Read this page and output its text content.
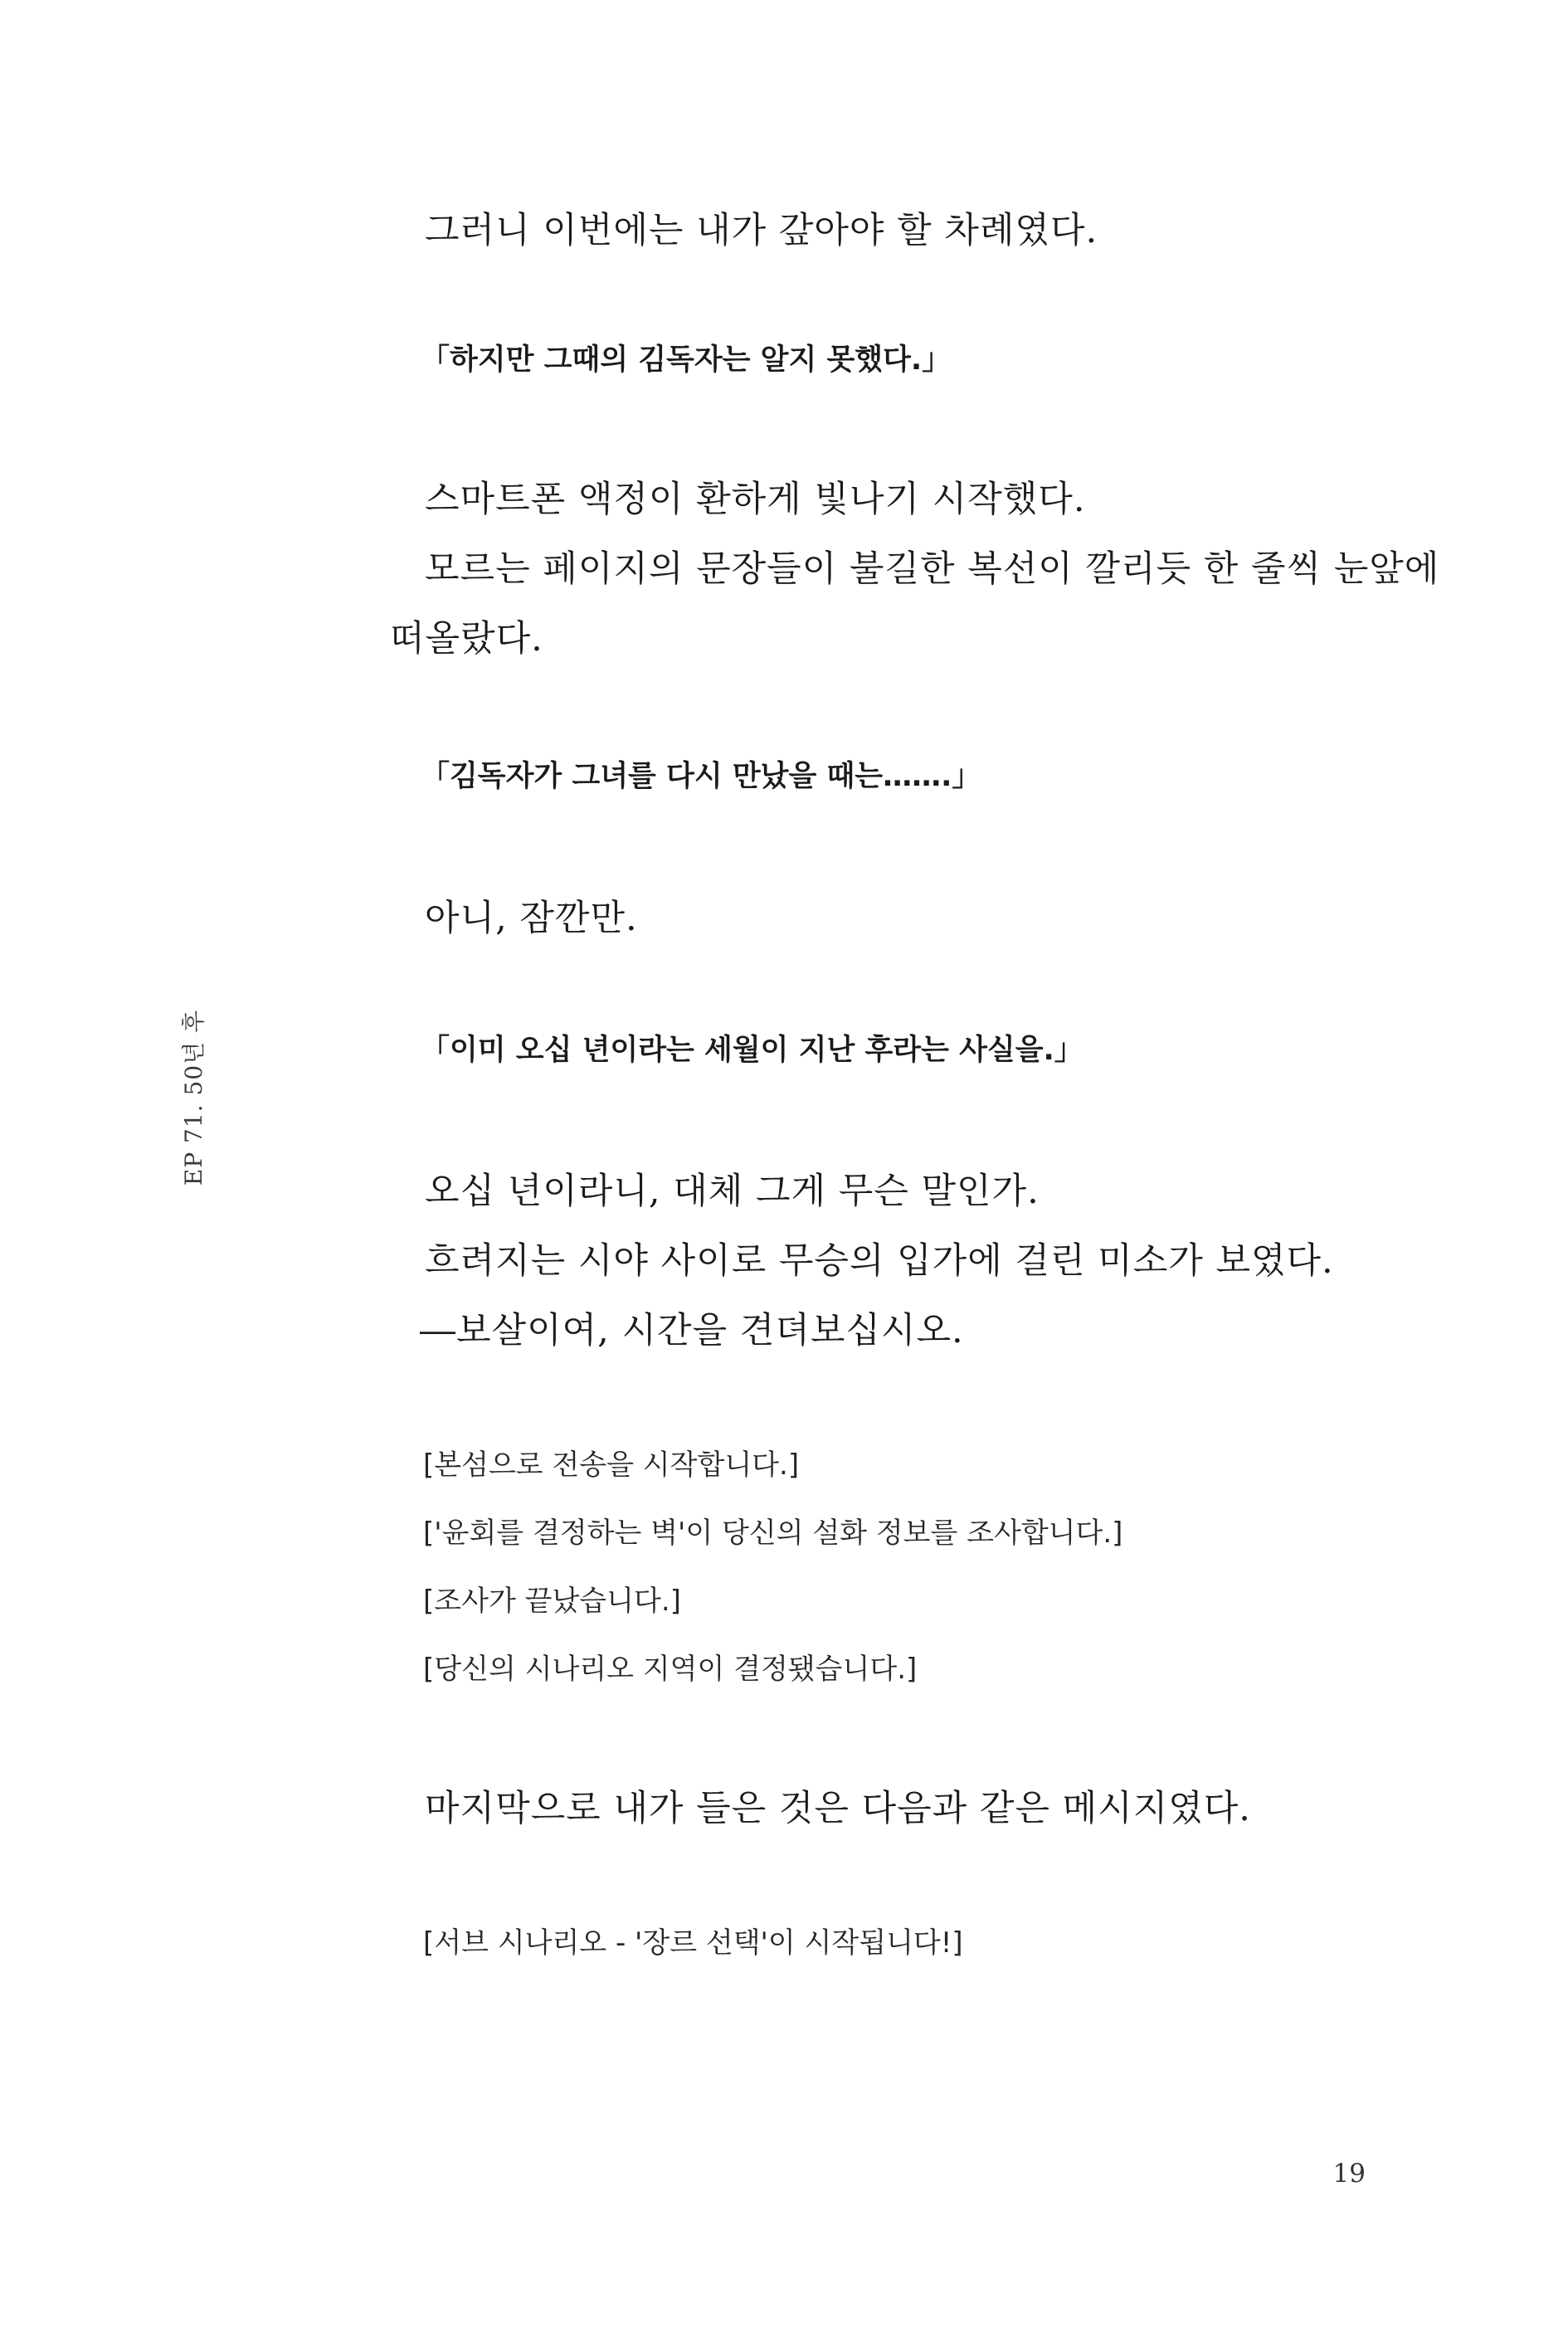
EP 71. 50년 후

그러니 이번에는 내가 갚아야 할 차례였다.

「하지만 그때의 김독자는 알지 못했다.」

스마트폰 액정이 환하게 빛나기 시작했다.

모르는 페이지의 문장들이 불길한 복선이 깔리듯 한 줄씩 눈앞에

떠올랐다.

「김독자가 그녀를 다시 만났을 때는…….」

아니, 잠깐만.

「이미 오십 년이라는 세월이 지난 후라는 사실을.」

오십 년이라니, 대체 그게 무슨 말인가.

흐려지는 시야 사이로 무승의 입가에 걸린 미소가 보였다.

―보살이여, 시간을 견뎌보십시오.

[본섬으로 전송을 시작합니다.]

['윤회를 결정하는 벽'이 당신의 설화 정보를 조사합니다.]

[조사가 끝났습니다.]

[당신의 시나리오 지역이 결정됐습니다.]

마지막으로 내가 들은 것은 다음과 같은 메시지였다.

[서브 시나리오 - '장르 선택'이 시작됩니다!]

19
